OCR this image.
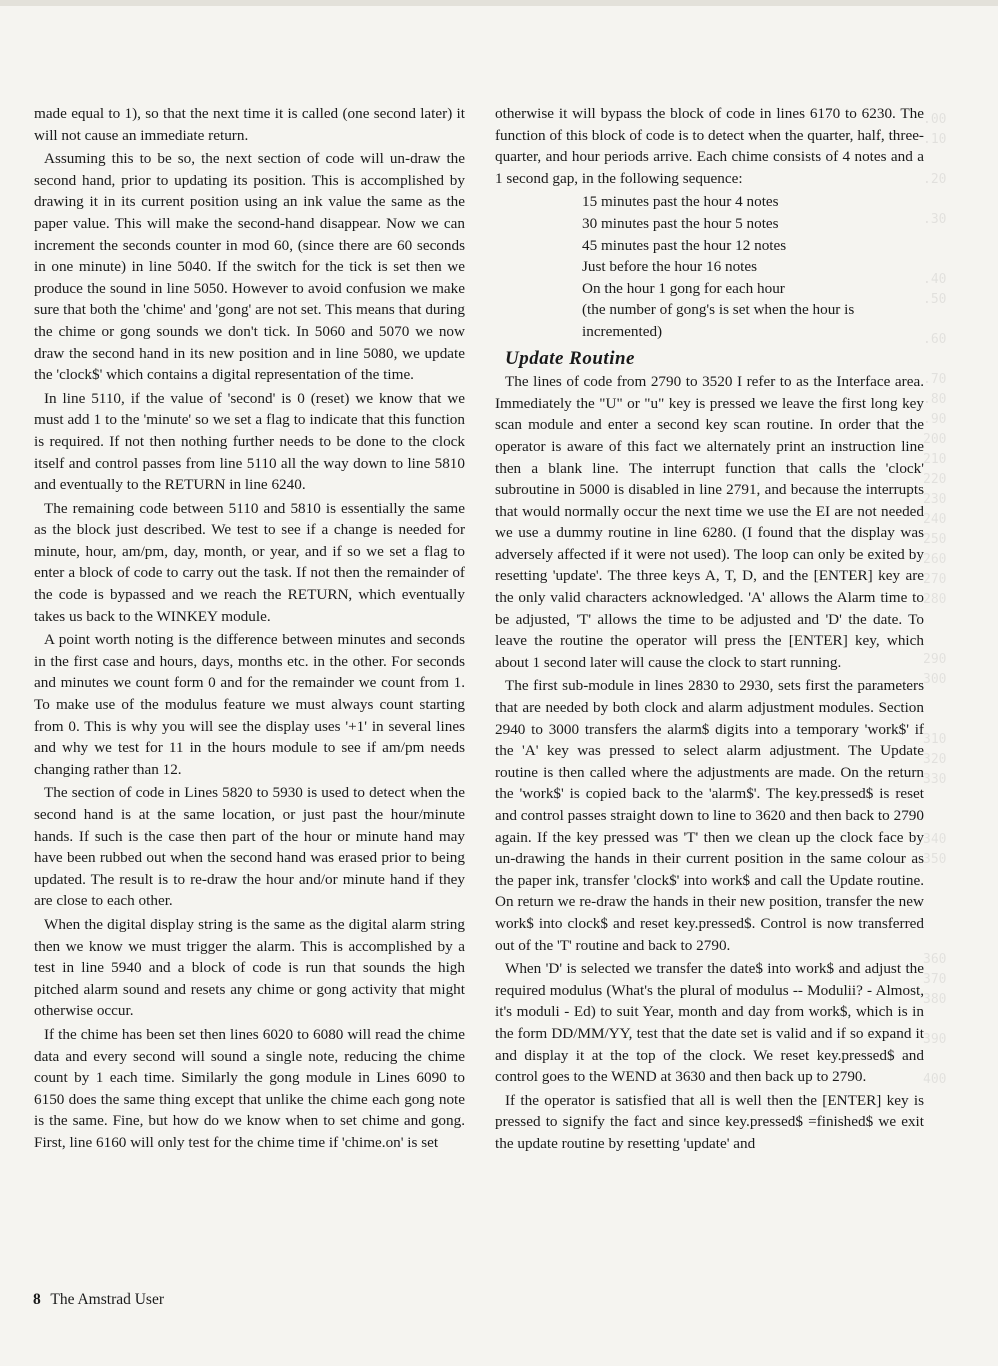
.00
.10

.20

.30

.40
.50

.60

.70
.80
.90
200
210
220
230
240
250
260
270
280

290
300

310
320
330

340
350

360
370
380

390

400

made equal to 1), so that the next time it is called (one second later) it will not cause an immediate return.

Assuming this to be so, the next section of code will un-draw the second hand, prior to updating its position. This is accomplished by drawing it in its current position using an ink value the same as the paper value. This will make the second-hand disappear. Now we can increment the seconds counter in mod 60, (since there are 60 seconds in one minute) in line 5040. If the switch for the tick is set then we produce the sound in line 5050. However to avoid confusion we make sure that both the 'chime' and 'gong' are not set. This means that during the chime or gong sounds we don't tick. In 5060 and 5070 we now draw the second hand in its new position and in line 5080, we update the 'clock$' which contains a digital representation of the time.

In line 5110, if the value of 'second' is 0 (reset) we know that we must add 1 to the 'minute' so we set a flag to indicate that this function is required. If not then nothing further needs to be done to the clock itself and control passes from line 5110 all the way down to line 5810 and eventually to the RETURN in line 6240.

The remaining code between 5110 and 5810 is essentially the same as the block just described. We test to see if a change is needed for minute, hour, am/pm, day, month, or year, and if so we set a flag to enter a block of code to carry out the task. If not then the remainder of the code is bypassed and we reach the RETURN, which eventually takes us back to the WINKEY module.

A point worth noting is the difference between minutes and seconds in the first case and hours, days, months etc. in the other. For seconds and minutes we count form 0 and for the remainder we count from 1. To make use of the modulus feature we must always count starting from 0. This is why you will see the display uses '+1' in several lines and why we test for 11 in the hours module to see if am/pm needs changing rather than 12.

The section of code in Lines 5820 to 5930 is used to detect when the second hand is at the same location, or just past the hour/minute hands. If such is the case then part of the hour or minute hand may have been rubbed out when the second hand was erased prior to being updated. The result is to re-draw the hour and/or minute hand if they are close to each other.

When the digital display string is the same as the digital alarm string then we know we must trigger the alarm. This is accomplished by a test in line 5940 and a block of code is run that sounds the high pitched alarm sound and resets any chime or gong activity that might otherwise occur.

If the chime has been set then lines 6020 to 6080 will read the chime data and every second will sound a single note, reducing the chime count by 1 each time. Similarly the gong module in Lines 6090 to 6150 does the same thing except that unlike the chime each gong note is the same. Fine, but how do we know when to set chime and gong. First, line 6160 will only test for the chime time if 'chime.on' is set

otherwise it will bypass the block of code in lines 6170 to 6230. The function of this block of code is to detect when the quarter, half, three-quarter, and hour periods arrive. Each chime consists of 4 notes and a 1 second gap, in the following sequence:

15 minutes past the hour 4 notes
30 minutes past the hour 5 notes
45 minutes past the hour 12 notes
Just before the hour 16 notes
On the hour 1 gong for each hour
(the number of gong's is set when the hour is
incremented)
Update Routine

The lines of code from 2790 to 3520 I refer to as the Interface area. Immediately the "U" or "u" key is pressed we leave the first long key scan module and enter a second key scan routine. In order that the operator is aware of this fact we alternately print an instruction line then a blank line. The interrupt function that calls the 'clock' subroutine in 5000 is disabled in line 2791, and because the interrupts that would normally occur the next time we use the EI are not needed we use a dummy routine in line 6280. (I found that the display was adversely affected if it were not used). The loop can only be exited by resetting 'update'. The three keys A, T, D, and the [ENTER] key are the only valid characters acknowledged. 'A' allows the Alarm time to be adjusted, 'T' allows the time to be adjusted and 'D' the date. To leave the routine the operator will press the [ENTER] key, which about 1 second later will cause the clock to start running.

The first sub-module in lines 2830 to 2930, sets first the parameters that are needed by both clock and alarm adjustment modules. Section 2940 to 3000 transfers the alarm$ digits into a temporary 'work$' if the 'A' key was pressed to select alarm adjustment. The Update routine is then called where the adjustments are made. On the return the 'work$' is copied back to the 'alarm$'. The key.pressed$ is reset and control passes straight down to line to 3620 and then back to 2790 again. If the key pressed was 'T' then we clean up the clock face by un-drawing the hands in their current position in the same colour as the paper ink, transfer 'clock$' into work$ and call the Update routine. On return we re-draw the hands in their new position, transfer the new work$ into clock$ and reset key.pressed$. Control is now transferred out of the 'T' routine and back to 2790.

When 'D' is selected we transfer the date$ into work$ and adjust the required modulus (What's the plural of modulus -- Modulii? - Almost, it's moduli - Ed) to suit Year, month and day from work$, which is in the form DD/MM/YY, test that the date set is valid and if so expand it and display it at the top of the clock. We reset key.pressed$ and control goes to the WEND at 3630 and then back up to 2790.

If the operator is satisfied that all is well then the [ENTER] key is pressed to signify the fact and since key.pressed$ =finished$ we exit the update routine by resetting 'update' and

8 The Amstrad User
